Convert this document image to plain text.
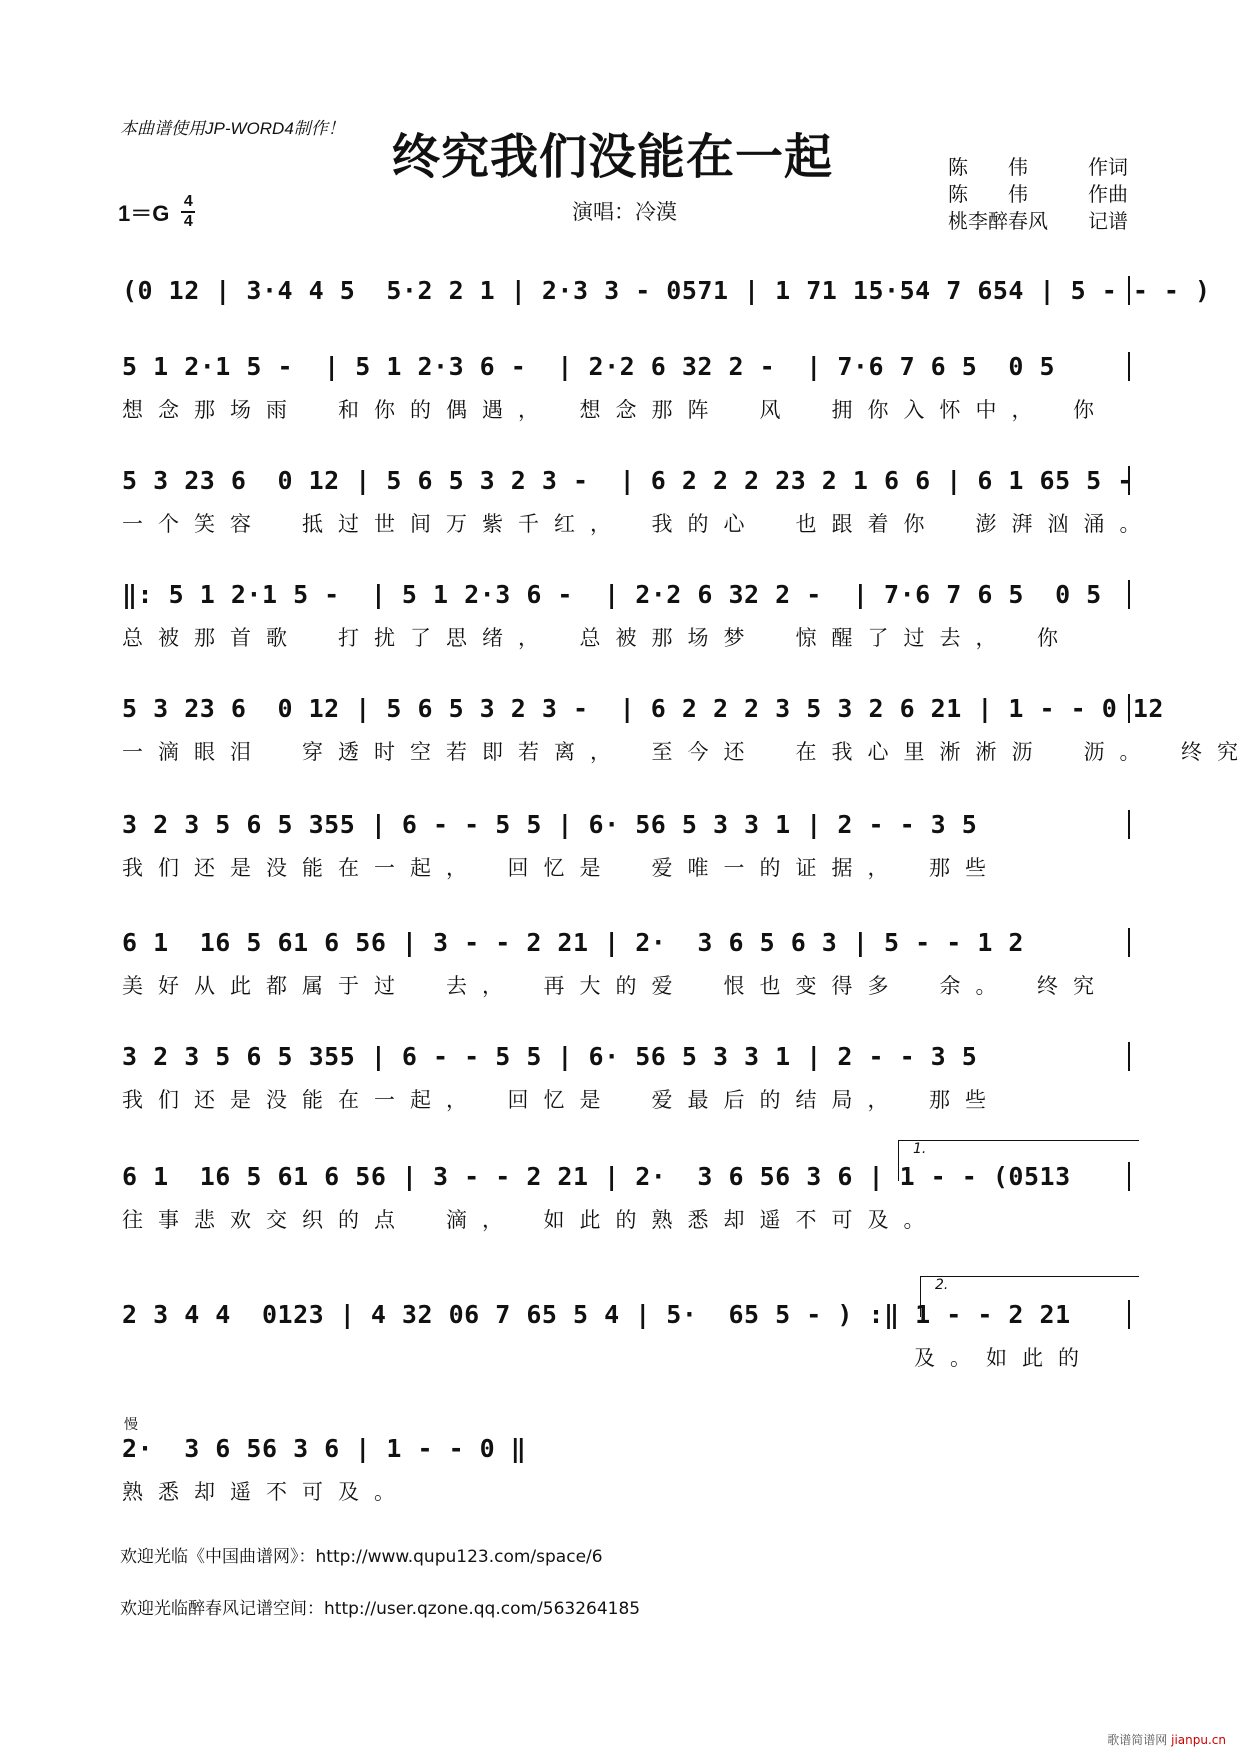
本曲谱使用JP-WORD4制作！
终究我们没能在一起	陈　　伟	作词
陈　　伟	作曲
桃李醉春风 记谱
1＝G 4
4	演唱：冷漠
(0 12 | 3·4 4 5  5·2 2 1 | 2·3 3 - 0571 | 1 71 15·54 7 654 | 5 - - - )
5 1 2·1 5 -  | 5 1 2·3 6 -  | 2·2 6 32 2 -  | 7·6 7 6 5  0 5
想念那场雨　和你的偶遇，　想念那阵　风　拥你入怀中，　你
5 3 23 6  0 12 | 5 6 5 3 2 3 -  | 6 2 2 2 23 2 1 6 6 | 6 1 65 5 -
一个笑容　抵过世间万紫千红，　我的心　也跟着你　澎湃汹涌。
‖: 5 1 2·1 5 -  | 5 1 2·3 6 -  | 2·2 6 32 2 -  | 7·6 7 6 5  0 5
总被那首歌　打扰了思绪，　总被那场梦　惊醒了过去，　你
5 3 23 6  0 12 | 5 6 5 3 2 3 -  | 6 2 2 2 3 5 3 2 6 21 | 1 - - 0 12
一滴眼泪　穿透时空若即若离，　至今还　在我心里淅淅沥　沥。　终究
3 2 3 5 6 5 355 | 6 - - 5 5 | 6· 56 5 3 3 1 | 2 - - 3 5
我们还是没能在一起，　回忆是　爱唯一的证据，　那些
6 1  16 5 61 6 56 | 3 - - 2 21 | 2·  3 6 5 6 3 | 5 - - 1 2
美好从此都属于过　去，　再大的爱　恨也变得多　余。　终究
3 2 3 5 6 5 355 | 6 - - 5 5 | 6· 56 5 3 3 1 | 2 - - 3 5
我们还是没能在一起，　回忆是　爱最后的结局，　那些
1.
6 1  16 5 61 6 56 | 3 - - 2 21 | 2·  3 6 56 3 6 | 1 - - (0513
往事悲欢交织的点　滴，　如此的熟悉却遥不可及。
2.
2 3 4 4  0123 | 4 32 06 7 65 5 4 | 5·  65 5 - ) :‖ 1 - - 2 21
　　　　　　　　　　　　　　　　　　　　　　及。如此的
慢
2·  3 6 56 3 6 | 1 - - 0 ‖
熟悉却遥不可及。
欢迎光临《中国曲谱网》：http://www.qupu123.com/space/6
欢迎光临醉春风记谱空间：http://user.qzone.qq.com/563264185
歌谱简谱网 jianpu.cn
